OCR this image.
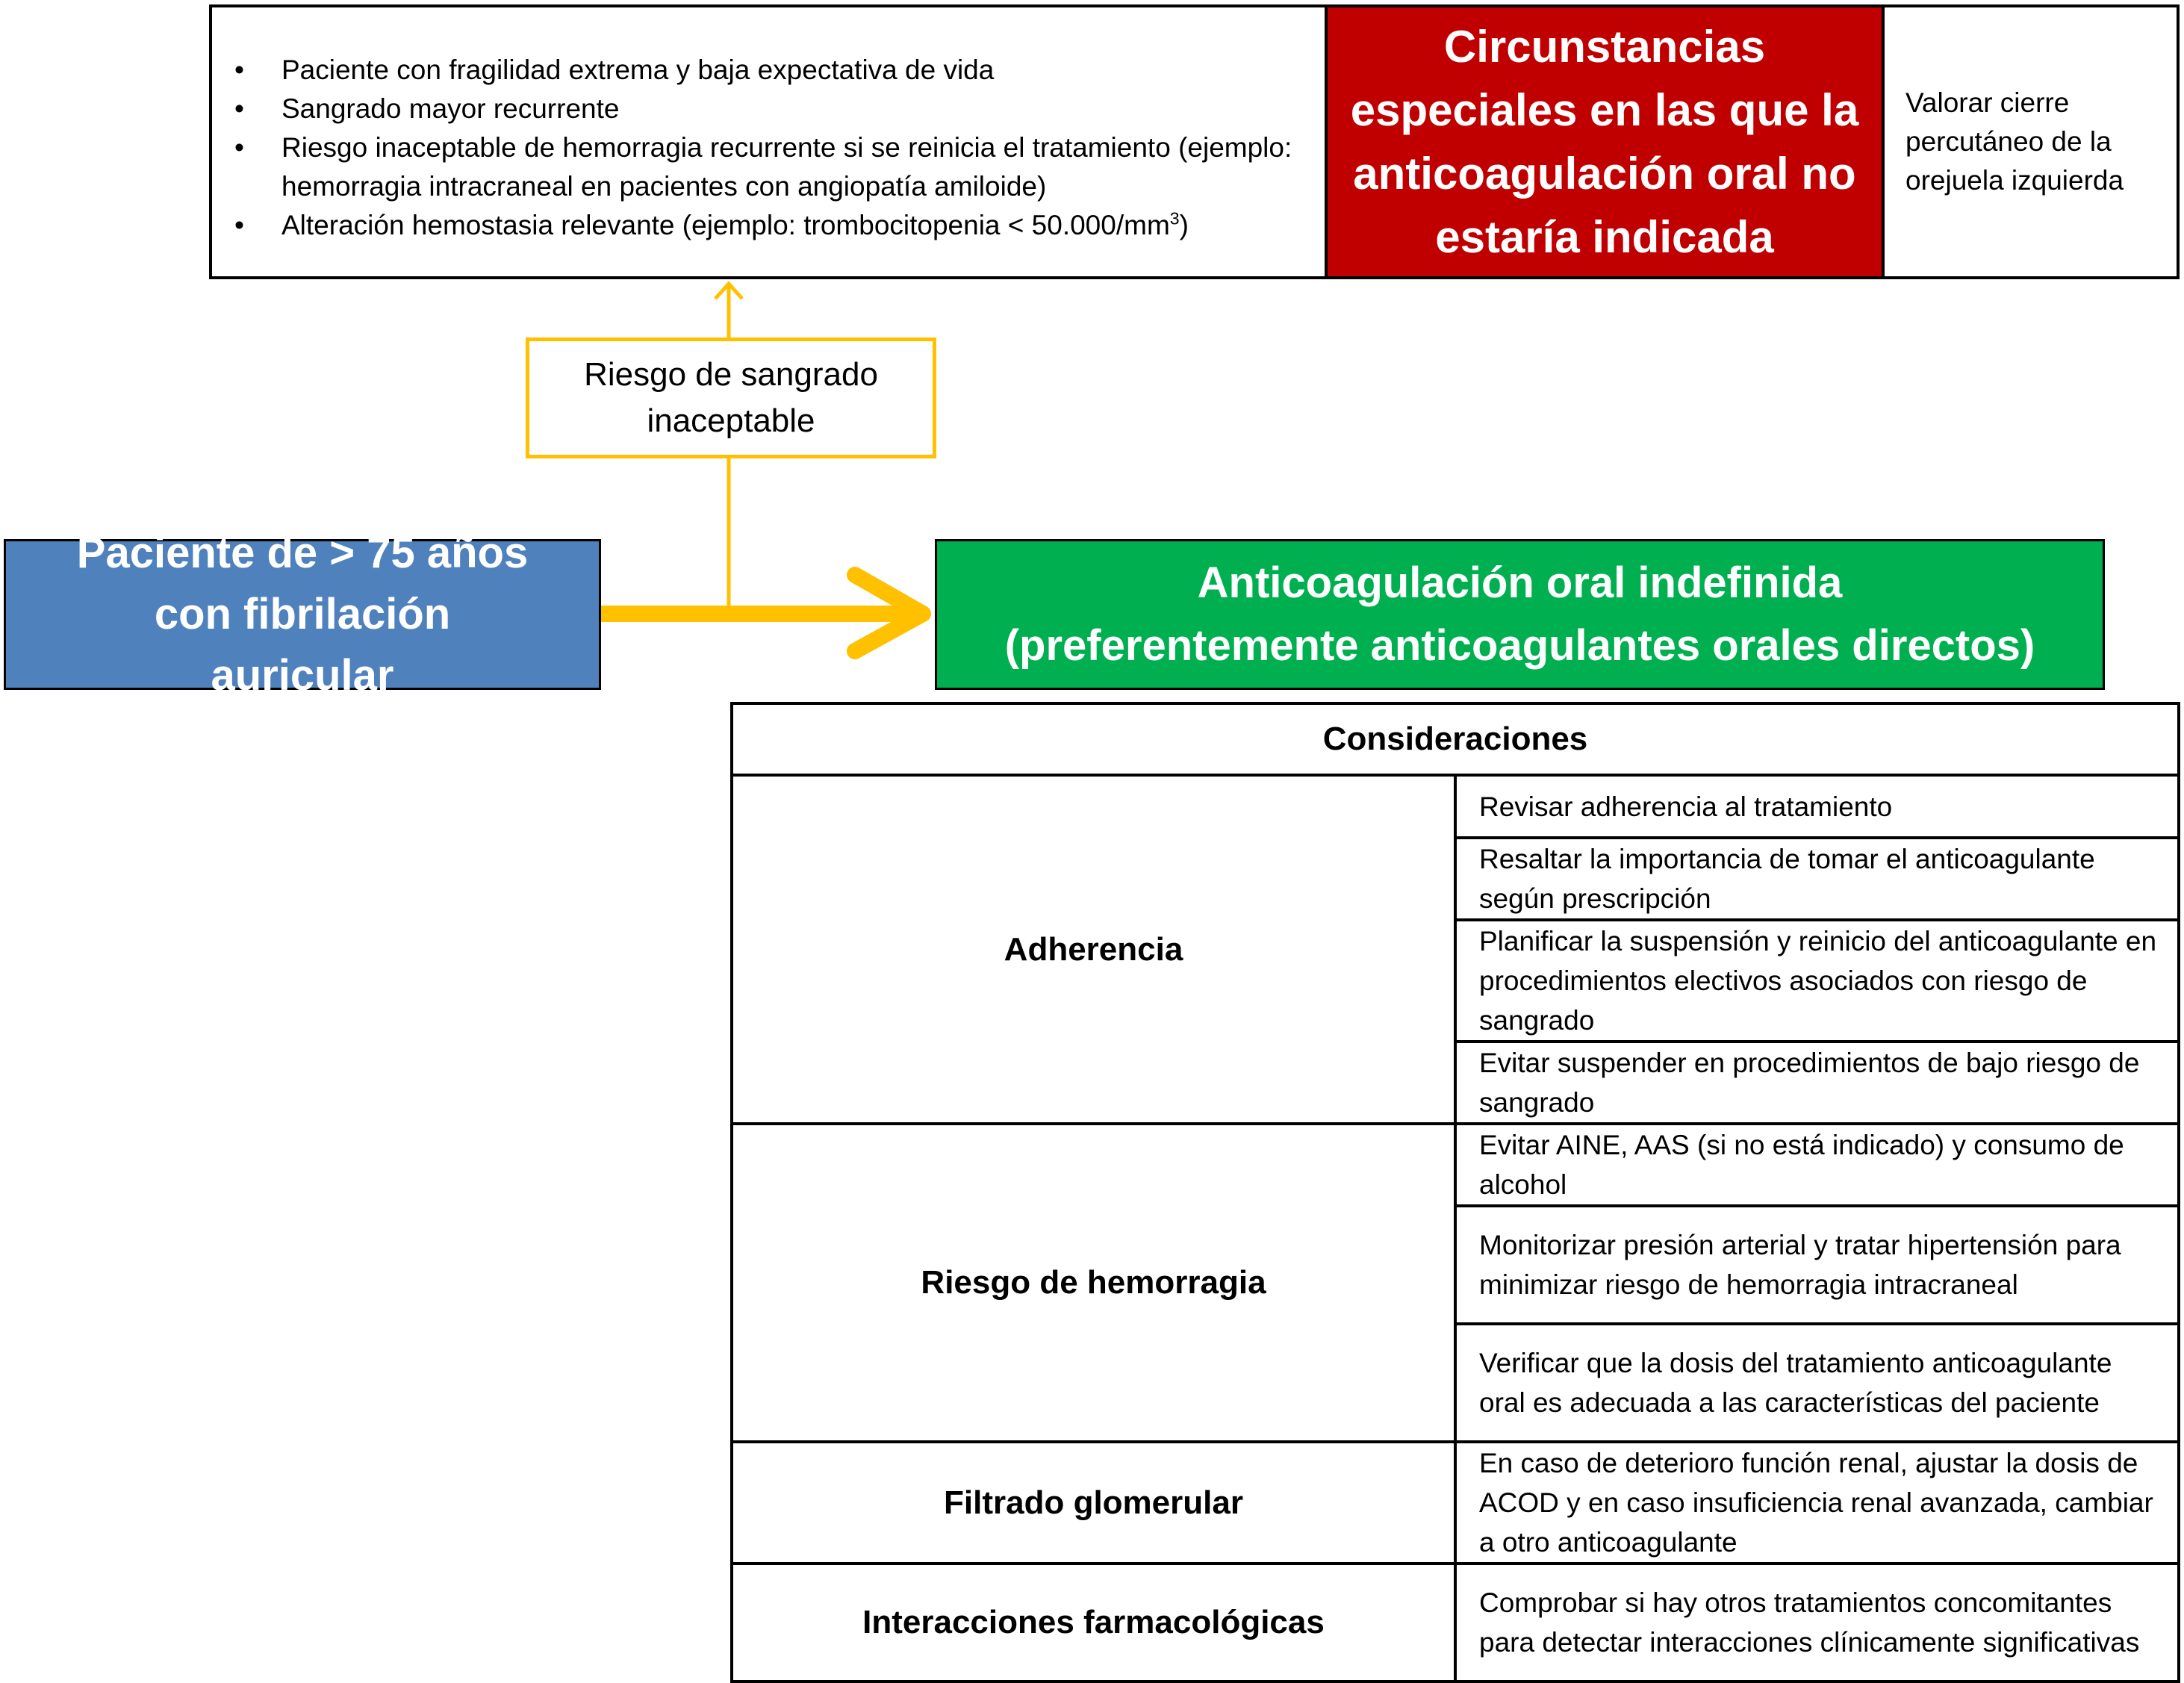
• Paciente con fragilidad extrema y baja expectativa de vida
• Sangrado mayor recurrente
• Riesgo inaceptable de hemorragia recurrente si se reinicia el tratamiento (ejemplo: hemorragia intracraneal en pacientes con angiopatía amiloide)
• Alteración hemostasia relevante (ejemplo: trombocitopenia < $50.000/mm^3$)
Circunstancias especiales en las que la anticoagulación oral no estaría indicada
Valorar cierre percutáneo de la orejuela izquierda
Riesgo de sangrado inaceptable
Paciente de > 75 años con fibrilación auricular
Anticoagulación oral indefinida
(preferentemente anticoagulantes orales directos)
Consideraciones	
Adherencia	Revisar adherencia al tratamiento
	Resaltar la importancia de tomar el anticoagulante según prescripción
	Planificar la suspensión y reinicio del anticoagulante en procedimientos electivos asociados con riesgo de sangrado
	Evitar suspender en procedimientos de bajo riesgo de sangrado
Riesgo de hemorragia	Evitar AINE, AAS (si no está indicado) y consumo de alcohol
	Monitorizar presión arterial y tratar hipertensión para minimizar riesgo de hemorragia intracraneal
	Verificar que la dosis del tratamiento anticoagulante oral es adecuada a las características del paciente
Filtrado glomerular	En caso de deterioro función renal, ajustar la dosis de ACOD y en caso insuficiencia renal avanzada, cambiar a otro anticoagulante
Interacciones farmacológicas	Comprobar si hay otros tratamientos concomitantes para detectar interacciones clínicamente significativas
